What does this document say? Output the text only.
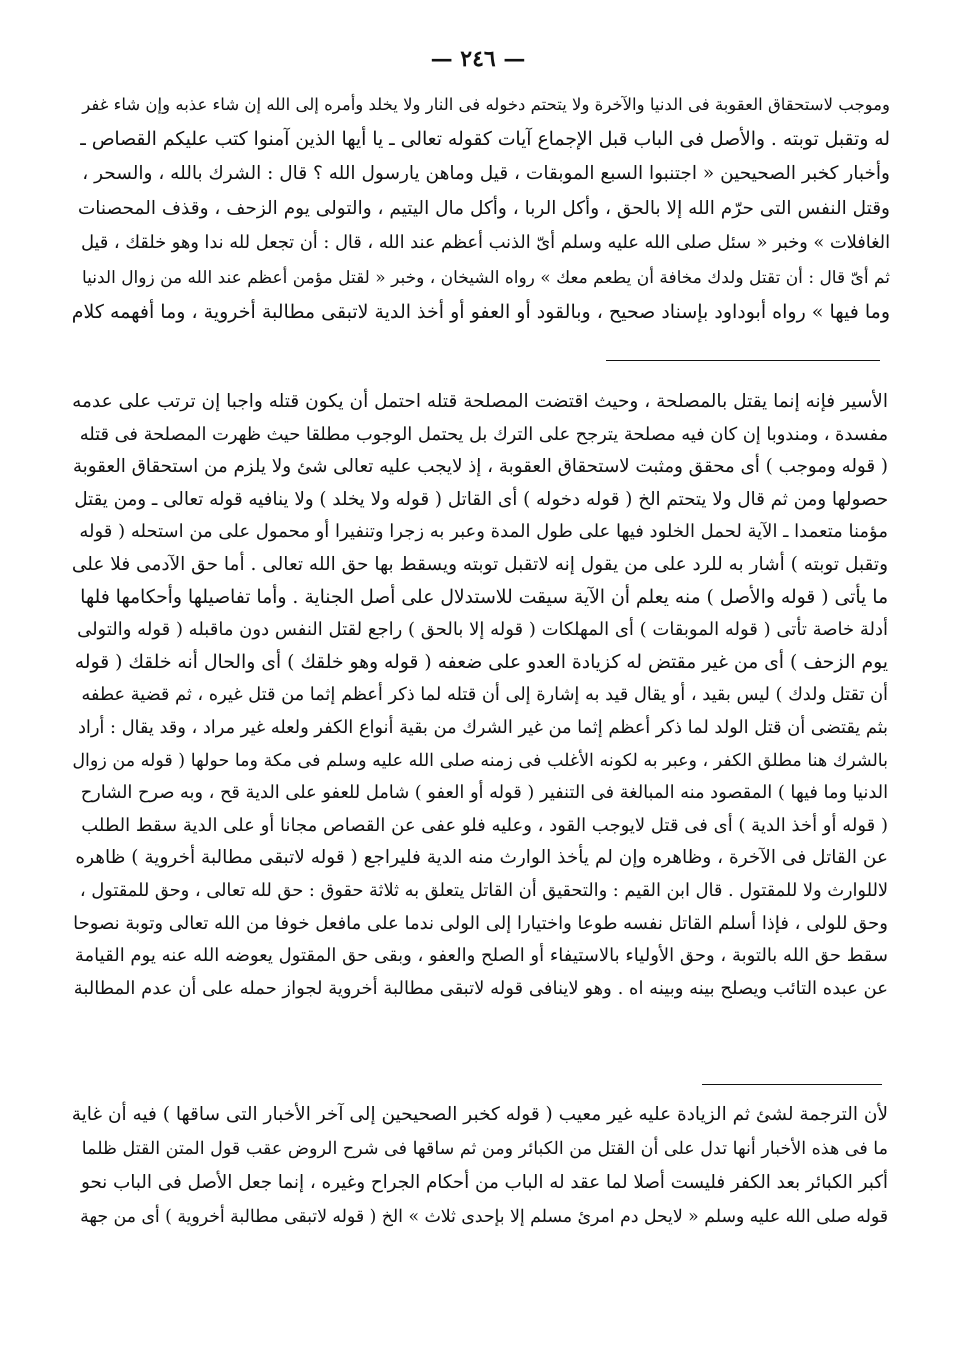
— ٢٤٦ —
وموجب لاستحقاق العقوبة فى الدنيا والآخرة ولا يتحتم دخوله فى النار ولا يخلد وأمره إلى الله إن شاء عذبه وإن شاء غفر
له وتقبل توبته . والأصل فى الباب قبل الإجماع آيات كقوله تعالى ـ يا أيها الذين آمنوا كتب عليكم القصاص ـ
وأخبار كخبر الصحيحين « اجتنبوا السبع الموبقات ، قيل وماهن يارسول الله ؟ قال : الشرك بالله ، والسحر ،
وقتل النفس التى حرّم الله إلا بالحق ، وأكل الربا ، وأكل مال اليتيم ، والتولى يوم الزحف ، وقذف المحصنات
الغافلات » وخبر « سئل صلى الله عليه وسلم أىّ الذنب أعظم عند الله ، قال : أن تجعل لله ندا وهو خلقك ، قيل
ثم أىّ قال : أن تقتل ولدك مخافة أن يطعم معك » رواه الشيخان ، وخبر « لقتل مؤمن أعظم عند الله من زوال الدنيا
وما فيها » رواه أبوداود بإسناد صحيح ، وبالقود أو العفو أو أخذ الدية لاتبقى مطالبة أخروية ، وما أفهمه كلام
الأسير فإنه إنما يقتل بالمصلحة ، وحيث اقتضت المصلحة قتله احتمل أن يكون قتله واجبا إن ترتب على عدمه
مفسدة ، ومندوبا إن كان فيه مصلحة يترجح على الترك بل يحتمل الوجوب مطلقا حيث ظهرت المصلحة فى قتله
( قوله وموجب ) أى محقق ومثبت لاستحقاق العقوبة ، إذ لايجب عليه تعالى شئ ولا يلزم من استحقاق العقوبة
حصولها ومن ثم قال ولا يتحتم الخ ( قوله دخوله ) أى القاتل ( قوله ولا يخلد ) ولا ينافيه قوله تعالى ـ ومن يقتل
مؤمنا متعمدا ـ الآية لحمل الخلود فيها على طول المدة وعبر به زجرا وتنفيرا أو محمول على من استحله ( قوله
وتقبل توبته ) أشار به للرد على من يقول إنه لاتقبل توبته ويسقط بها حق الله تعالى . أما حق الآدمى فلا على
ما يأتى ( قوله والأصل ) منه يعلم أن الآية سيقت للاستدلال على أصل الجناية . وأما تفاصيلها وأحكامها فلها
أدلة خاصة تأتى ( قوله الموبقات ) أى المهلكات ( قوله إلا بالحق ) راجع لقتل النفس دون ماقبله ( قوله والتولى
يوم الزحف ) أى من غير مقتض له كزيادة العدو على ضعفه ( قوله وهو خلقك ) أى والحال أنه خلقك ( قوله
أن تقتل ولدك ) ليس بقيد ، أو يقال قيد به إشارة إلى أن قتله لما ذكر أعظم إثما من قتل غيره ، ثم قضية عطفه
بثم يقتضى أن قتل الولد لما ذكر أعظم إثما من غير الشرك من بقية أنواع الكفر ولعله غير مراد ، وقد يقال : أراد
بالشرك هنا مطلق الكفر ، وعبر به لكونه الأغلب فى زمنه صلى الله عليه وسلم فى مكة وما حولها ( قوله من زوال
الدنيا وما فيها ) المقصود منه المبالغة فى التنفير ( قوله أو العفو ) شامل للعفو على الدية قح ، وبه صرح الشارح
( قوله أو أخذ الدية ) أى فى قتل لايوجب القود ، وعليه فلو عفى عن القصاص مجانا أو على الدية سقط الطلب
عن القاتل فى الآخرة ، وظاهره وإن لم يأخذ الوارث منه الدية فليراجع ( قوله لاتبقى مطالبة أخروية ) ظاهره
لاللوارث ولا للمقتول . قال ابن القيم : والتحقيق أن القاتل يتعلق به ثلاثة حقوق : حق لله تعالى ، وحق للمقتول ،
وحق للولى ، فإذا أسلم القاتل نفسه طوعا واختيارا إلى الولى ندما على مافعل خوفا من الله تعالى وتوبة نصوحا
سقط حق الله بالتوبة ، وحق الأولياء بالاستيفاء أو الصلح والعفو ، وبقى حق المقتول يعوضه الله عنه يوم القيامة
عن عبده التائب ويصلح بينه وبينه اه . وهو لاينافى قوله لاتبقى مطالبة أخروية لجواز حمله على أن عدم المطالبة
لأن الترجمة لشئ ثم الزيادة عليه غير معيب ( قوله كخبر الصحيحين إلى آخر الأخبار التى ساقها ) فيه أن غاية
ما فى هذه الأخبار أنها تدل على أن القتل من الكبائر ومن ثم ساقها فى شرح الروض عقب قول المتن القتل ظلما
أكبر الكبائر بعد الكفر فليست أصلا لما عقد له الباب من أحكام الجراح وغيره ، إنما جعل الأصل فى الباب نحو
قوله صلى الله عليه وسلم « لايحل دم امرئ مسلم إلا بإحدى ثلاث » الخ ( قوله لاتبقى مطالبة أخروية ) أى من جهة
